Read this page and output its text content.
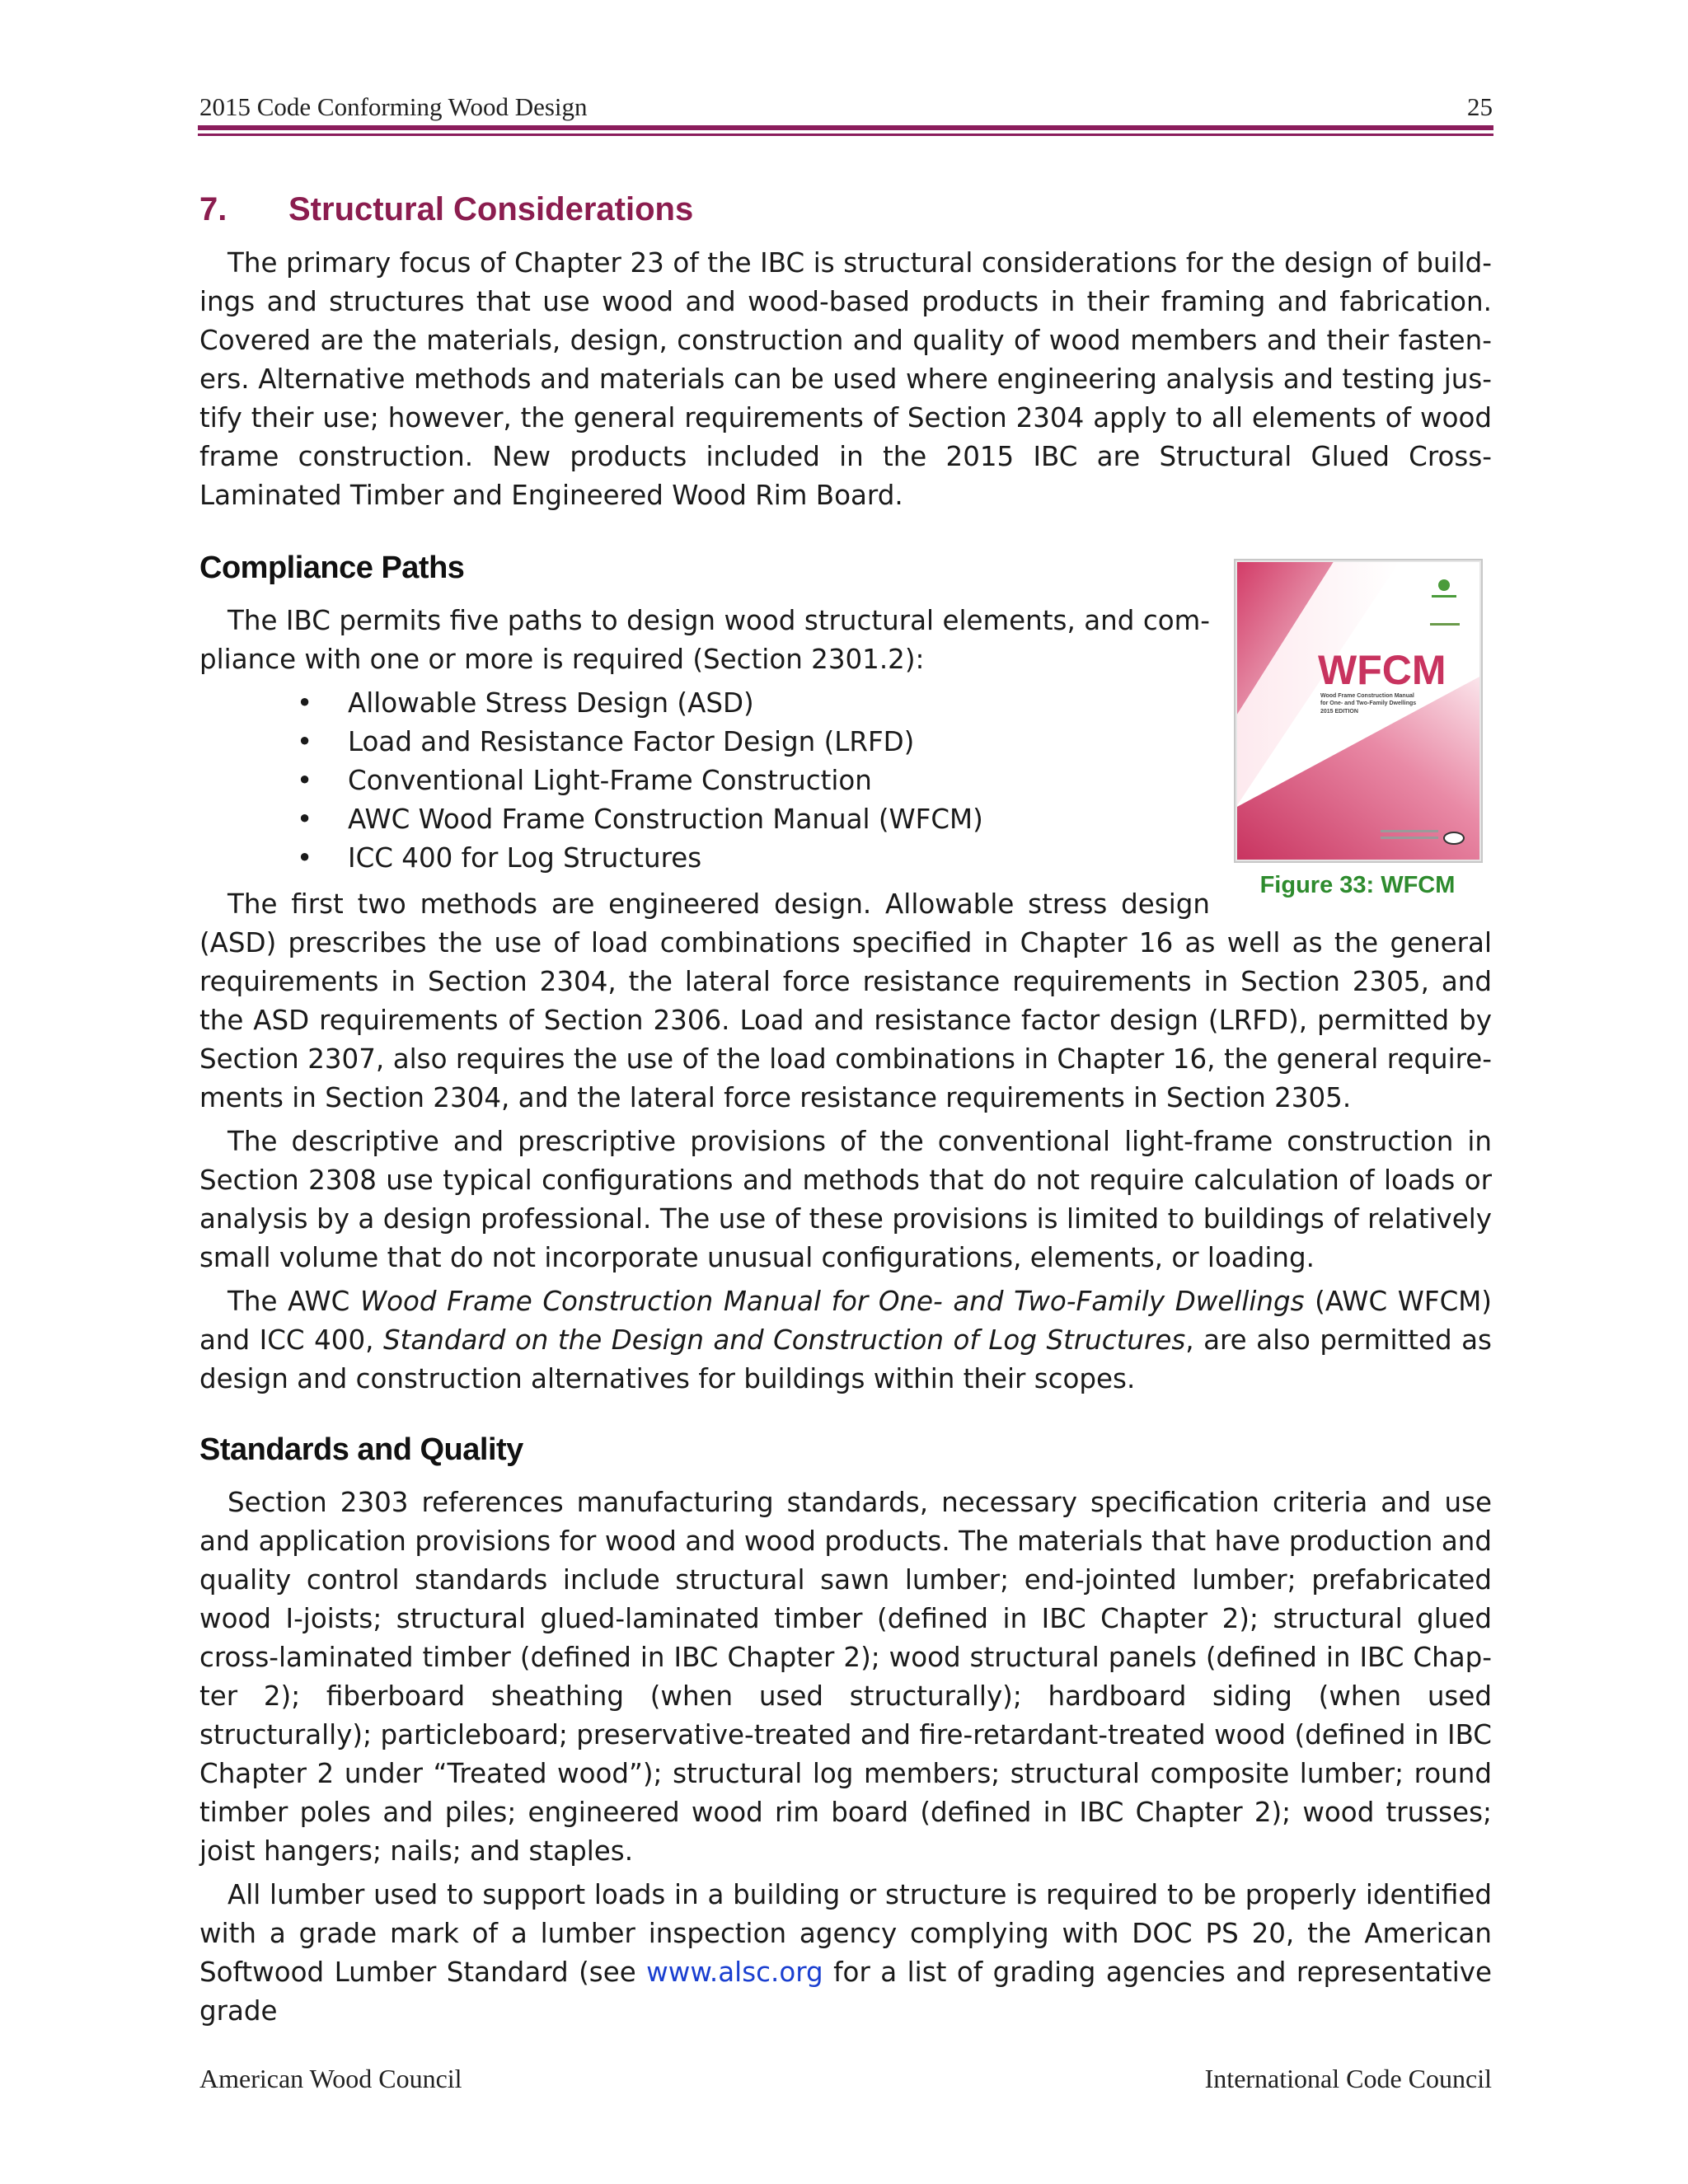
2015 Code Conforming Wood Design	25
7. Structural Considerations
The primary focus of Chapter 23 of the IBC is structural considerations for the design of buildings and structures that use wood and wood-based products in their framing and fabrication. Covered are the materials, design, construction and quality of wood members and their fasteners. Alternative methods and materials can be used where engineering analysis and testing justify their use; however, the general requirements of Section 2304 apply to all elements of wood frame construction. New products included in the 2015 IBC are Structural Glued Cross-Laminated Timber and Engineered Wood Rim Board.
Compliance Paths
The IBC permits five paths to design wood structural elements, and compliance with one or more is required (Section 2301.2):
• Allowable Stress Design (ASD)
• Load and Resistance Factor Design (LRFD)
• Conventional Light-Frame Construction
• AWC Wood Frame Construction Manual (WFCM)
• ICC 400 for Log Structures
The first two methods are engineered design. Allowable stress design
(ASD) prescribes the use of load combinations specified in Chapter 16 as well as the general requirements in Section 2304, the lateral force resistance requirements in Section 2305, and the ASD requirements of Section 2306. Load and resistance factor design (LRFD), permitted by Section 2307, also requires the use of the load combinations in Chapter 16, the general requirements in Section 2304, and the lateral force resistance requirements in Section 2305.
The descriptive and prescriptive provisions of the conventional light-frame construction in Section 2308 use typical configurations and methods that do not require calculation of loads or analysis by a design professional. The use of these provisions is limited to buildings of relatively small volume that do not incorporate unusual configurations, elements, or loading.
The AWC Wood Frame Construction Manual for One- and Two-Family Dwellings (AWC WFCM) and ICC 400, Standard on the Design and Construction of Log Structures, are also permitted as design and construction alternatives for buildings within their scopes.
WFCM
Wood Frame Construction Manual
for One- and Two-Family Dwellings
2015 EDITION
Figure 33: WFCM
Standards and Quality
Section 2303 references manufacturing standards, necessary specification criteria and use and application provisions for wood and wood products. The materials that have production and quality control standards include structural sawn lumber; end-jointed lumber; prefabricated wood I-joists; structural glued-laminated timber (defined in IBC Chapter 2); structural glued cross-laminated timber (defined in IBC Chapter 2); wood structural panels (defined in IBC Chapter 2); fiberboard sheathing (when used structurally); hardboard siding (when used structurally); particleboard; preservative-treated and fire-retardant-treated wood (defined in IBC Chapter 2 under “Treated wood”); structural log members; structural composite lumber; round timber poles and piles; engineered wood rim board (defined in IBC Chapter 2); wood trusses; joist hangers; nails; and staples.
All lumber used to support loads in a building or structure is required to be properly identified with a grade mark of a lumber inspection agency complying with DOC PS 20, the American Softwood Lumber Standard (see www.alsc.org for a list of grading agencies and representative grade
American Wood Council	International Code Council
